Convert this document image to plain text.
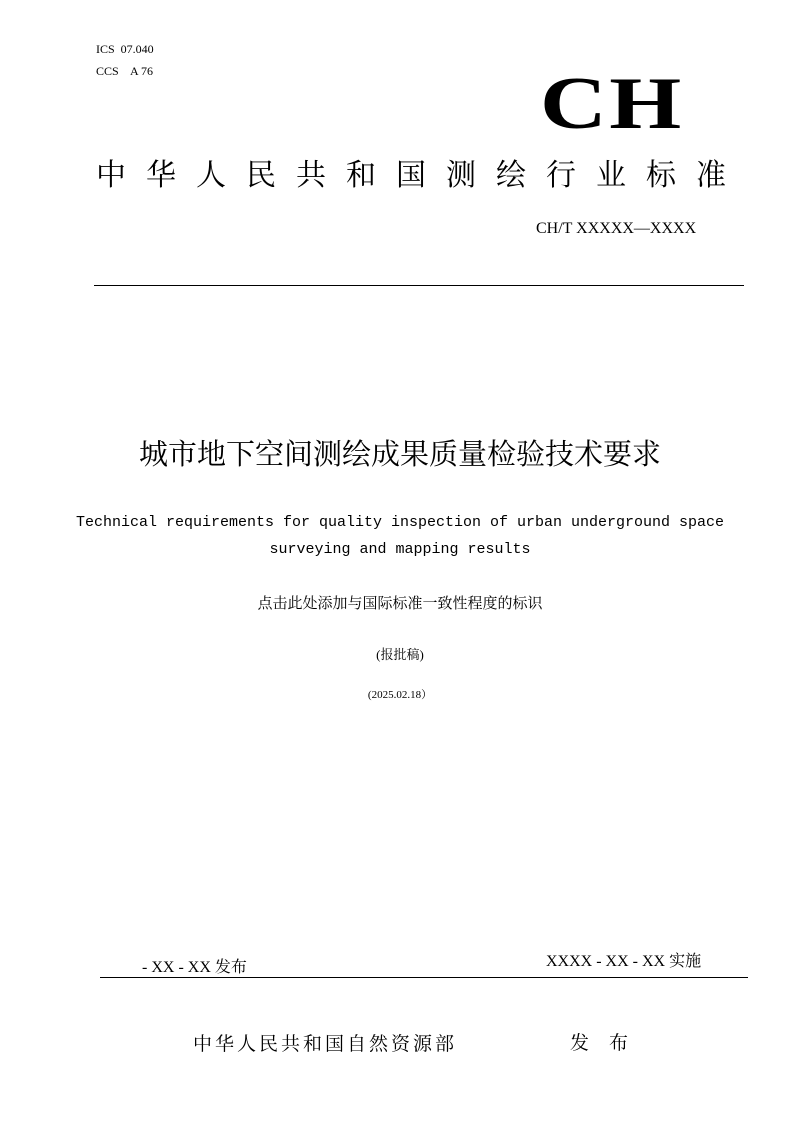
ICS  07.040
CCS    A 76	CH
中华人民共和国测绘行业标准
CH/T XXXXX—XXXX
城市地下空间测绘成果质量检验技术要求
Technical requirements for quality inspection of urban underground space surveying and mapping results
点击此处添加与国际标准一致性程度的标识
(报批稿)
(2025.02.18）
- XX - XX 发布	XXXX - XX - XX 实施
中华人民共和国自然资源部	发 布
